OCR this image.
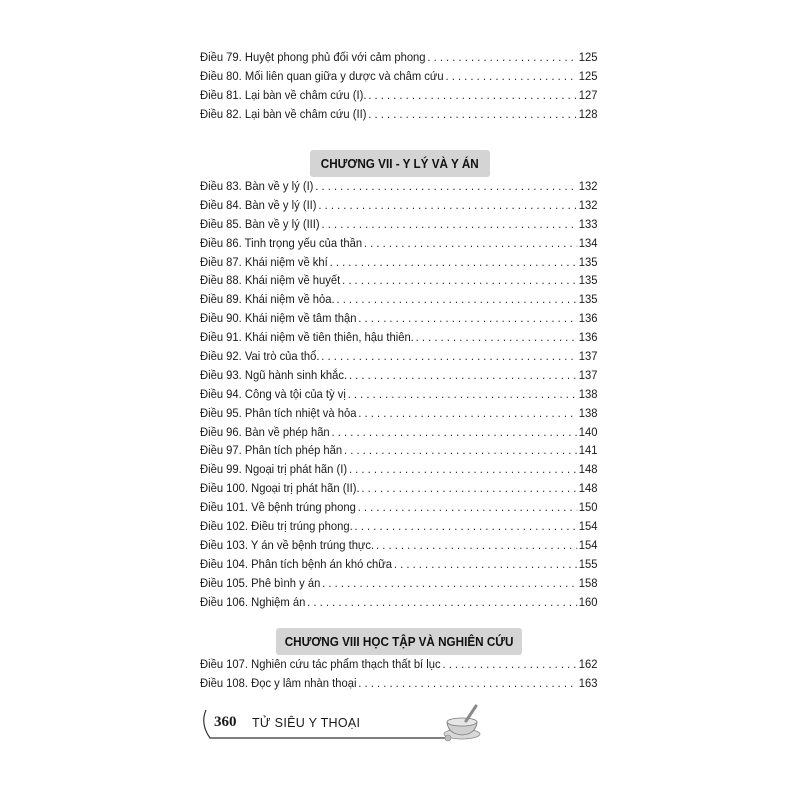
Điều 79. Huyệt phong phủ đối với cảm phong . . .	125
Điều 80. Mối liên quan giữa y dược và châm cứu . . .	125
Điều 81. Lại bàn về châm cứu (I). . . .	127
Điều 82. Lại bàn về châm cứu (II) . . .	128
CHƯƠNG VII - Y LÝ VÀ Y ÁN
Điều 83. Bàn về y lý (I) . . .	132
Điều 84. Bàn về y lý (II) . . .	132
Điều 85. Bàn về y lý (III) . . .	133
Điều 86. Tinh trọng yếu của thần . . .	134
Điều 87. Khái niệm về khí . . .	135
Điều 88. Khái niệm về huyết . . .	135
Điều 89. Khái niệm về hỏa. . . .	135
Điều 90. Khái niệm về tâm thận . . .	136
Điều 91. Khái niệm về tiên thiên, hậu thiên. . . .	136
Điều 92. Vai trò của thổ. . . .	137
Điều 93. Ngũ hành sinh khắc. . . .	137
Điều 94. Công và tội của tỳ vị . . .	138
Điều 95. Phân tích nhiệt và hỏa . . .	138
Điều 96. Bàn về phép hãn . . .	140
Điều 97. Phân tích phép hãn . . .	141
Điều 99. Ngoại trị phát hãn (I) . . .	148
Điều 100. Ngoại trị phát hãn (II). . . .	148
Điều 101. Về bệnh trúng phong . . .	150
Điều 102. Điều trị trúng phong. . . .	154
Điều 103. Y án về bệnh trúng thực. . . .	154
Điều 104. Phân tích bệnh án khó chữa . . .	155
Điều 105. Phê bình y án . . .	158
Điều 106. Nghiệm án . . .	160
CHƯƠNG VIII HỌC TẬP VÀ NGHIÊN CỨU
Điều 107. Nghiên cứu tác phẩm thạch thất bí lục . . .	162
Điều 108. Đọc y lâm nhàn thoại . . .	163
360 TỬ SIÊU Y THOẠI
